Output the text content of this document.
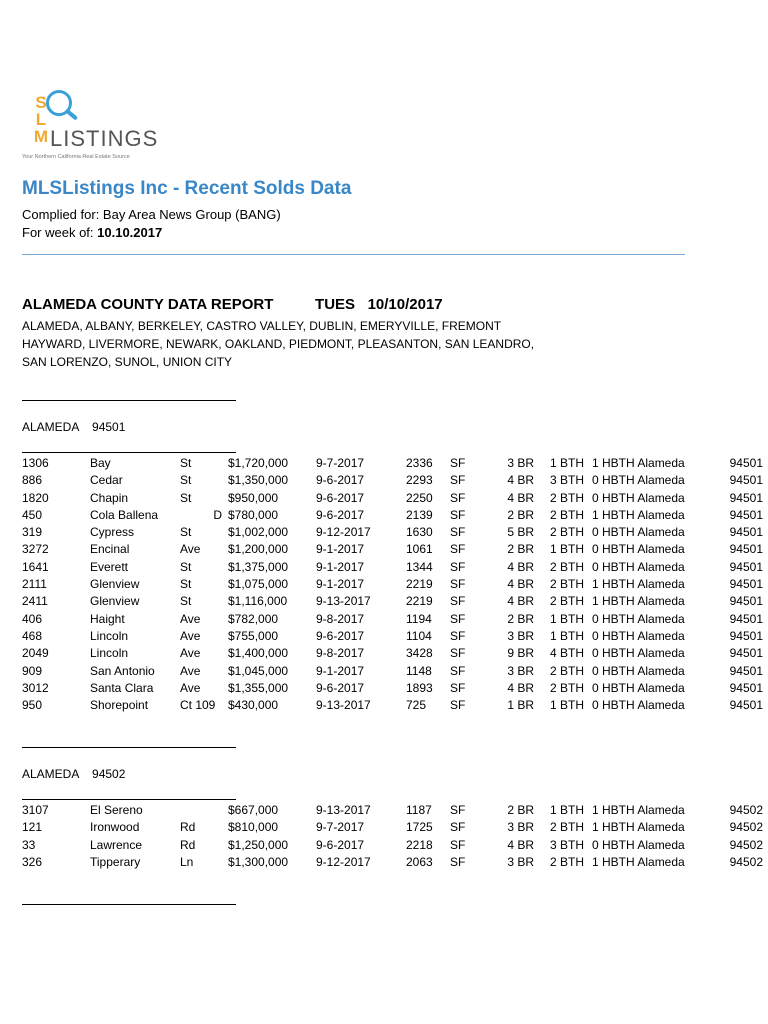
S
L
M LISTINGS
Your Northern California Real Estate Source
MLSListings Inc - Recent Solds Data
Complied for: Bay Area News Group (BANG)
For week of: 10.10.2017
ALAMEDA COUNTY DATA REPORT          TUES   10/10/2017
ALAMEDA, ALBANY, BERKELEY, CASTRO VALLEY, DUBLIN, EMERYVILLE, FREMONT
HAYWARD, LIVERMORE, NEWARK, OAKLAND, PIEDMONT, PLEASANTON, SAN LEANDRO,
SAN LORENZO, SUNOL, UNION CITY
ALAMEDA    94501
1306	Bay	St	$1,720,000	9-7-2017	2336	SF	3 BR	1 BTH	1 HBTH Alameda	94501
886	Cedar	St	$1,350,000	9-6-2017	2293	SF	4 BR	3 BTH	0 HBTH Alameda	94501
1820	Chapin	St	$950,000	9-6-2017	2250	SF	4 BR	2 BTH	0 HBTH Alameda	94501
450	Cola Ballena	D	$780,000	9-6-2017	2139	SF	2 BR	2 BTH	1 HBTH Alameda	94501
319	Cypress	St	$1,002,000	9-12-2017	1630	SF	5 BR	2 BTH	0 HBTH Alameda	94501
3272	Encinal	Ave	$1,200,000	9-1-2017	1061	SF	2 BR	1 BTH	0 HBTH Alameda	94501
1641	Everett	St	$1,375,000	9-1-2017	1344	SF	4 BR	2 BTH	0 HBTH Alameda	94501
2111	Glenview	St	$1,075,000	9-1-2017	2219	SF	4 BR	2 BTH	1 HBTH Alameda	94501
2411	Glenview	St	$1,116,000	9-13-2017	2219	SF	4 BR	2 BTH	1 HBTH Alameda	94501
406	Haight	Ave	$782,000	9-8-2017	1194	SF	2 BR	1 BTH	0 HBTH Alameda	94501
468	Lincoln	Ave	$755,000	9-6-2017	1104	SF	3 BR	1 BTH	0 HBTH Alameda	94501
2049	Lincoln	Ave	$1,400,000	9-8-2017	3428	SF	9 BR	4 BTH	0 HBTH Alameda	94501
909	San Antonio	Ave	$1,045,000	9-1-2017	1148	SF	3 BR	2 BTH	0 HBTH Alameda	94501
3012	Santa Clara	Ave	$1,355,000	9-6-2017	1893	SF	4 BR	2 BTH	0 HBTH Alameda	94501
950	Shorepoint	Ct 109	$430,000	9-13-2017	725	SF	1 BR	1 BTH	0 HBTH Alameda	94501
ALAMEDA    94502
3107	El Sereno		$667,000	9-13-2017	1187	SF	2 BR	1 BTH	1 HBTH Alameda	94502
121	Ironwood	Rd	$810,000	9-7-2017	1725	SF	3 BR	2 BTH	1 HBTH Alameda	94502
33	Lawrence	Rd	$1,250,000	9-6-2017	2218	SF	4 BR	3 BTH	0 HBTH Alameda	94502
326	Tipperary	Ln	$1,300,000	9-12-2017	2063	SF	3 BR	2 BTH	1 HBTH Alameda	94502
